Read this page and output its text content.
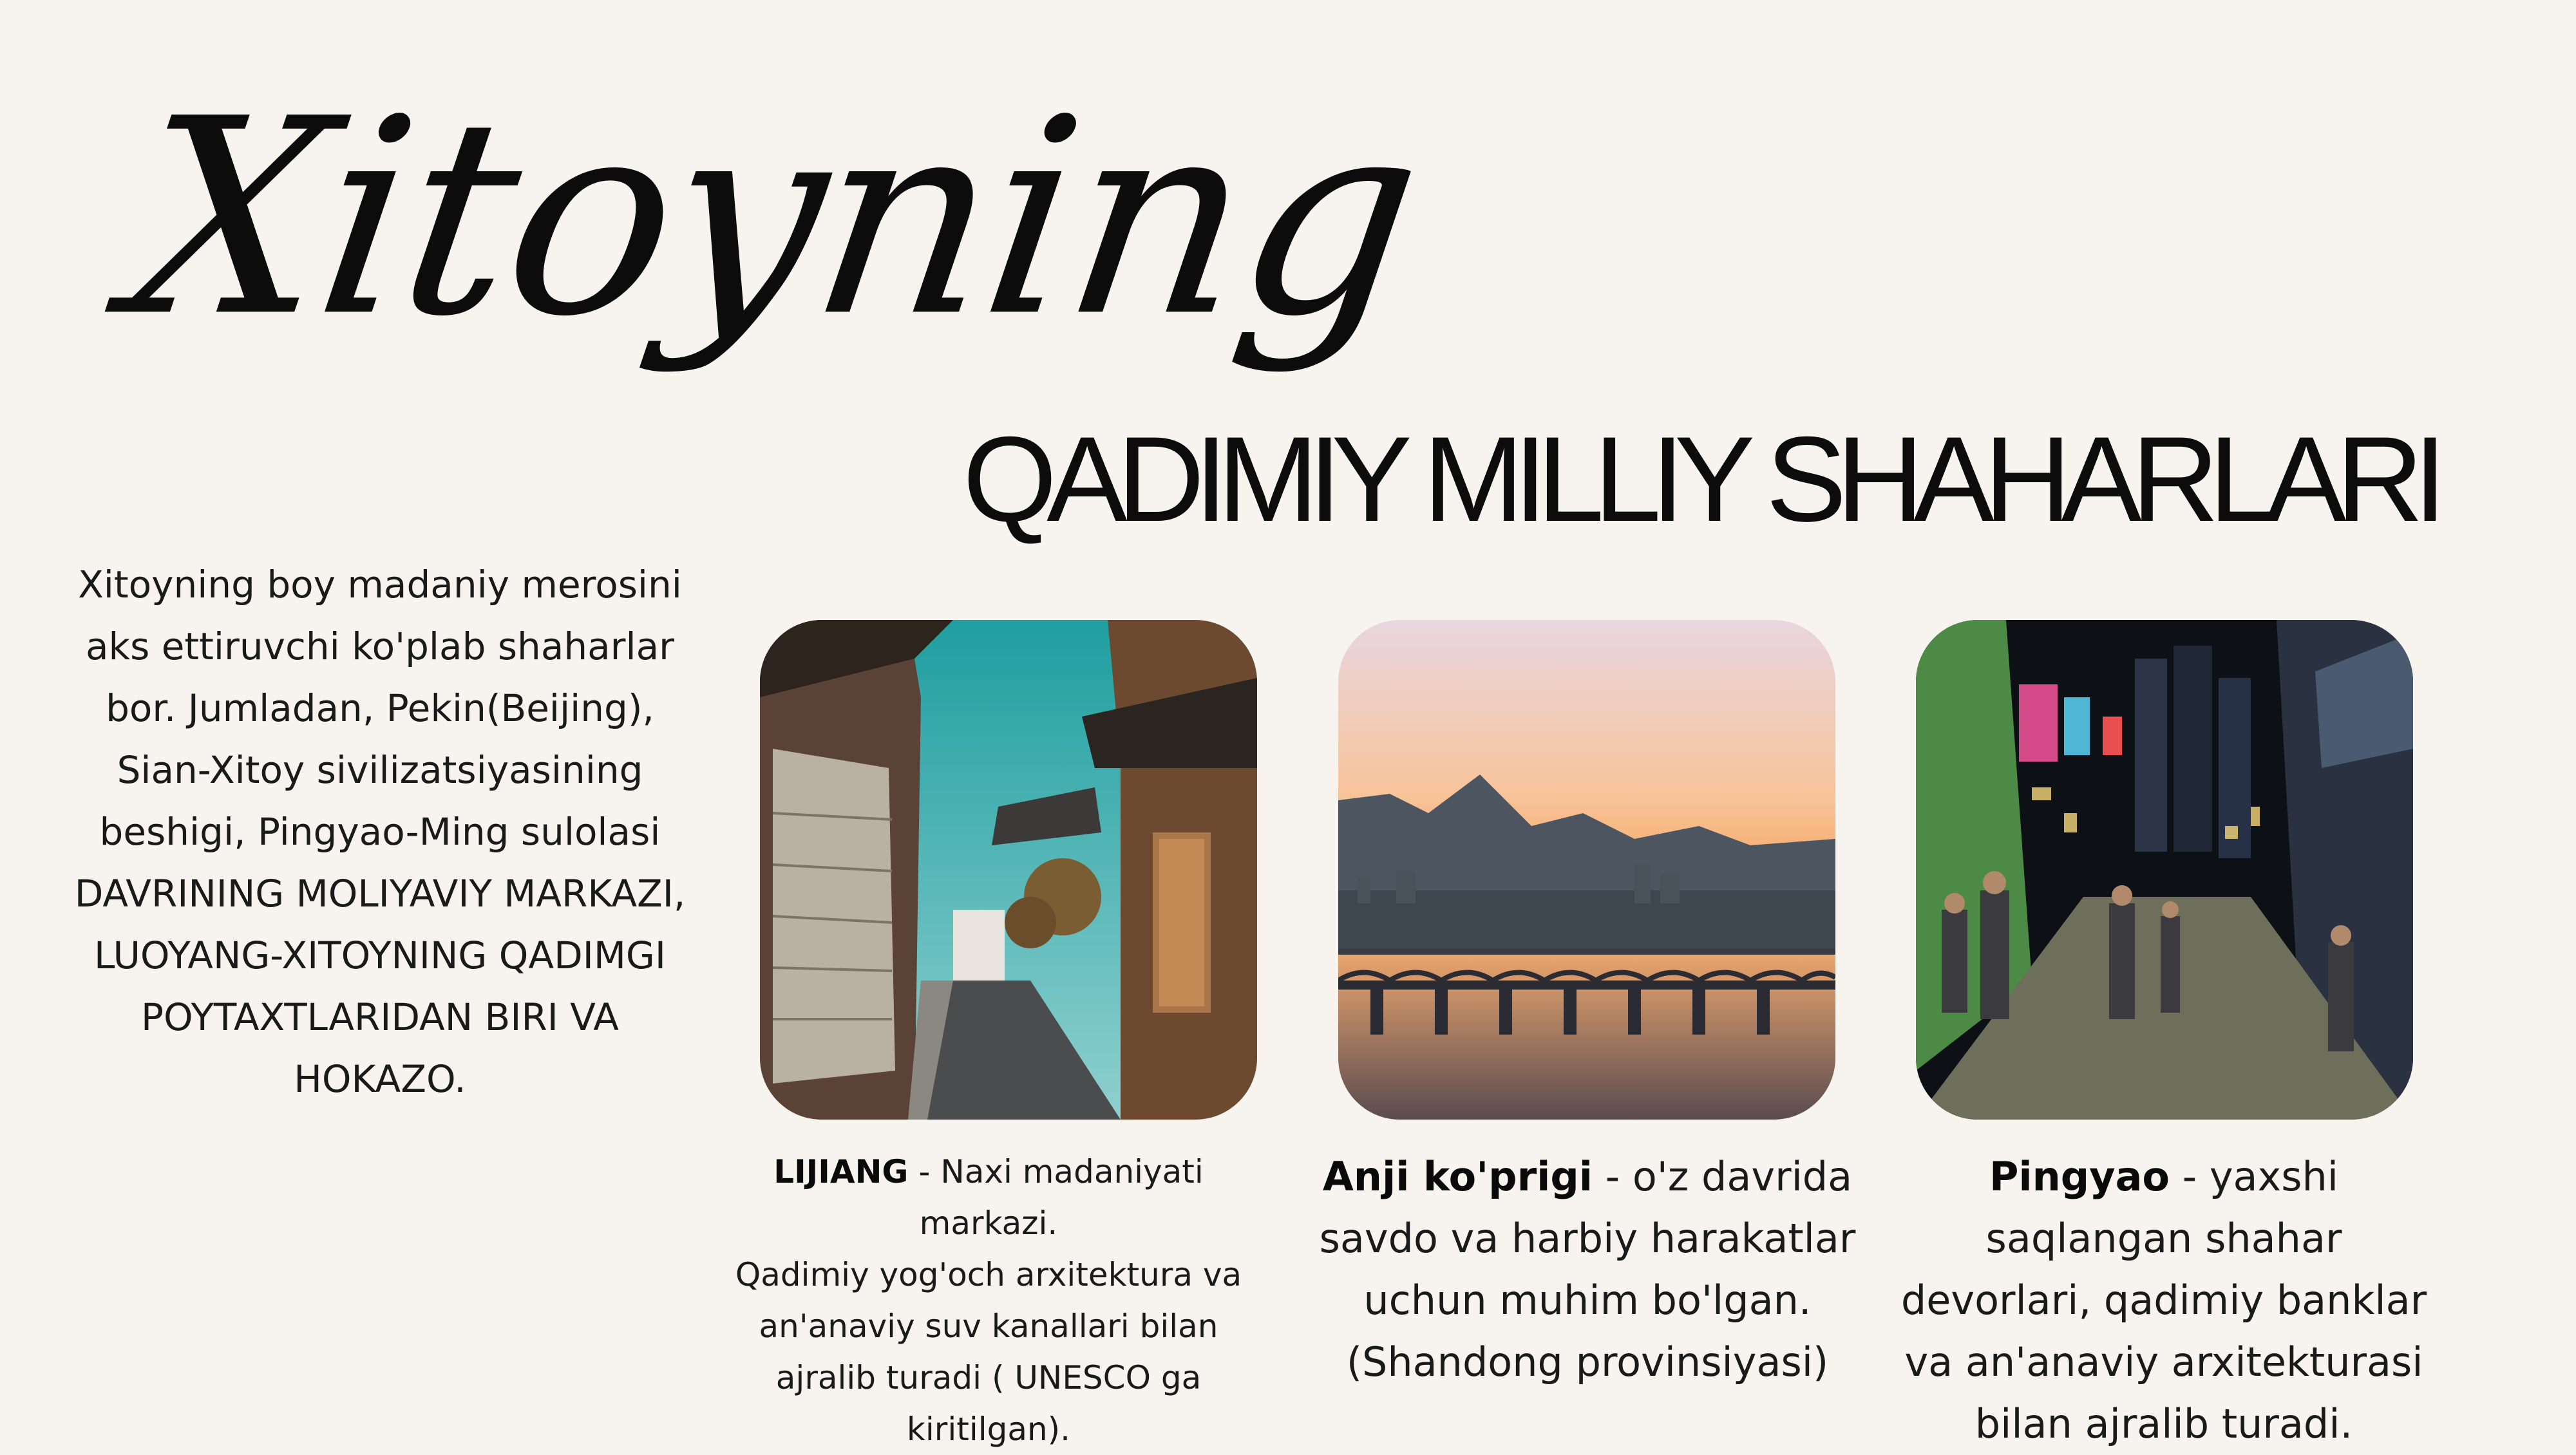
Xitoyning
QADIMIY MILLIY SHAHARLARI
Xitoyning boy madaniy merosini aks ettiruvchi ko'plab shaharlar bor. Jumladan, Pekin(Beijing), Sian-Xitoy sivilizatsiyasining beshigi, Pingyao-Ming sulolasi DAVRINING MOLIYAVIY MARKAZI, LUOYANG-XITOYNING QADIMGI POYTAXTLARIDAN BIRI VA HOKAZO.
LIJIANG - Naxi madaniyati markazi.
Qadimiy yog'och arxitektura va an'anaviy suv kanallari bilan ajralib turadi ( UNESCO ga kiritilgan).
Anji ko'prigi - o'z davrida savdo va harbiy harakatlar uchun muhim bo'lgan. (Shandong provinsiyasi)
Pingyao - yaxshi saqlangan shahar devorlari, qadimiy banklar va an'anaviy arxitekturasi bilan ajralib turadi.
